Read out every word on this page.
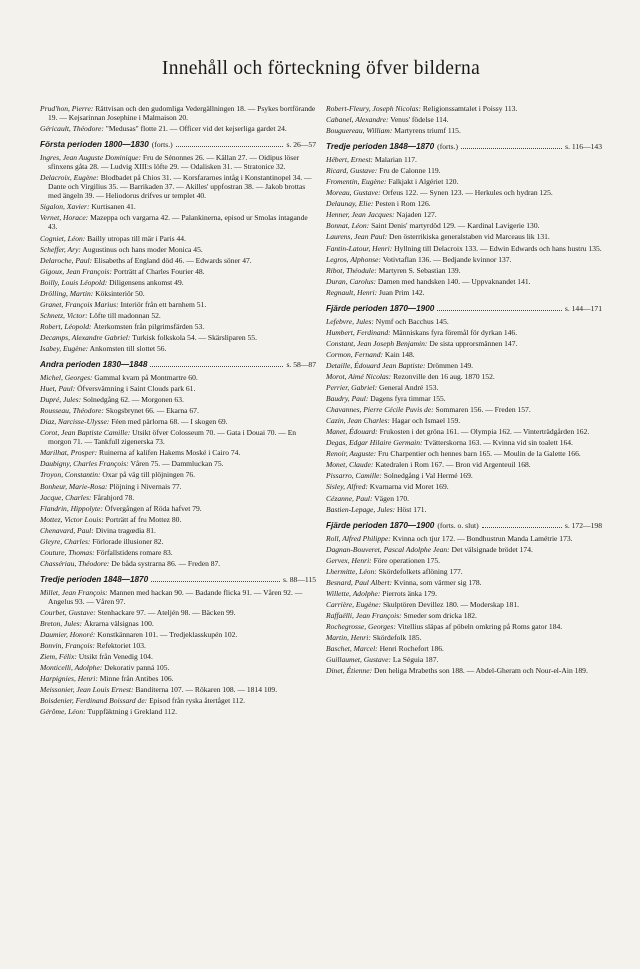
Innehåll och förteckning öfver bilderna
Prud'hon, Pierre: Rättvisan och den gudomliga Vedergällningen 18. — Psykes bortförande 19. — Kejsarinnan Josephine i Malmaison 20.
Géricault, Théodore: "Medusas" flotte 21. — Officer vid det kejserliga gardet 24.
Första perioden 1800—1830 (forts.)	s. 26—57
Ingres, Jean Auguste Dominique: Fru de Sénonnes 26. — Källan 27. — Oidipus löser sfinxens gåta 28. — Ludvig XIII:s löfte 29. — Odalisken 31. — Stratonice 32.
Delacroix, Eugène: Blodbadet på Chios 31. — Korsfararnes intåg i Konstantinopel 34. — Dante och Virgilius 35. — Barrikaden 37. — Akilles' uppfostran 38. — Jakob brottas med ängeln 39. — Heliodorus drifves ur templet 40.
Sigalon, Xavier: Kurtisanen 41.
Vernet, Horace: Mazeppa och vargarna 42. — Palankinerna, episod ur Smolas intagande 43.
Cogniet, Léon: Bailly utropas till mär i Paris 44.
Scheffer, Ary: Augustinus och hans moder Monica 45.
Delaroche, Paul: Elisabeths af England död 46. — Edwards söner 47.
Gigoux, Jean François: Porträtt af Charles Fourier 48.
Boilly, Louis Léopold: Diligensens ankomst 49.
Drölling, Martin: Köksinteriör 50.
Granet, François Marius: Interiör från ett barnhem 51.
Schnetz, Victor: Löfte till madonnan 52.
Robert, Léopold: Återkomsten från pilgrimsfärden 53.
Decamps, Alexandre Gabriel: Turkisk folkskola 54. — Skärsliparen 55.
Isabey, Eugène: Ankomsten till slottet 56.
Andra perioden 1830—1848	s. 58—87
Michel, Georges: Gammal kvarn på Montmartre 60.
Huet, Paul: Öfversvämning i Saint Clouds park 61.
Dupré, Jules: Solnedgång 62. — Morgonen 63.
Rousseau, Théodore: Skogsbrynet 66. — Ekarna 67.
Diaz, Narcisse-Ulysse: Féen med pärlorna 68. — I skogen 69.
Corot, Jean Baptiste Camille: Utsikt öfver Colosseum 70. — Gata i Douai 70. — En morgon 71. — Tankfull zigenerska 73.
Marilhat, Prosper: Ruinerna af kalifen Hakems Moské i Cairo 74.
Daubigny, Charles François: Våren 75. — Dammluckan 75.
Troyon, Constantin: Oxar på väg till plöjningen 76.
Bonheur, Marie-Rosa: Plöjning i Nivernais 77.
Jacque, Charles: Fårahjord 78.
Flandrin, Hippolyte: Öfvergången af Röda hafvet 79.
Mottez, Victor Louis: Porträtt af fru Mottez 80.
Chenavard, Paul: Divina tragœdia 81.
Gleyre, Charles: Förlorade illusioner 82.
Couture, Thomas: Förfallstidens romare 83.
Chassériau, Théodore: De båda systrarna 86. — Freden 87.
Tredje perioden 1848—1870	s. 88—115
Millet, Jean François: Mannen med hackan 90. — Badande flicka 91. — Våren 92. — Angelus 93. — Våren 97.
Courbet, Gustave: Stenhackare 97. — Ateljén 98. — Bäcken 99.
Breton, Jules: Åkrarna välsignas 100.
Daumier, Honoré: Konstkännaren 101. — Tredjeklasskupén 102.
Bonvin, François: Refektoriet 103.
Ziem, Félix: Utsikt från Venedig 104.
Monticelli, Adolphe: Dekorativ panná 105.
Harpignies, Henri: Minne från Antibes 106.
Meissonier, Jean Louis Ernest: Banditerna 107. — Rökaren 108. — 1814 109.
Boisdenier, Ferdinand Boissard de: Episod från ryska återtåget 112.
Gérôme, Léon: Tuppfäktning i Grekland 112.
Robert-Fleury, Joseph Nicolas: Religionssamtalet i Poissy 113.
Cabanel, Alexandre: Venus' födelse 114.
Bouguereau, William: Martyrens triumf 115.
Tredje perioden 1848—1870 (forts.)	s. 116—143
Hébert, Ernest: Malarian 117.
Ricard, Gustave: Fru de Calonne 119.
Fromentin, Eugène: Falkjakt i Algériet 120.
Moreau, Gustave: Orfeus 122. — Synen 123. — Herkules och hydran 125.
Delaunay, Elie: Pesten i Rom 126.
Henner, Jean Jacques: Najaden 127.
Bonnat, Léon: Saint Denis' martyrdöd 129. — Kardinal Lavigerie 130.
Laurens, Jean Paul: Den österrikiska generalstaben vid Marceaus lik 131.
Fantin-Latour, Henri: Hyllning till Delacroix 133. — Edwin Edwards och hans hustru 135.
Legros, Alphonse: Votivtaflan 136. — Bedjande kvinnor 137.
Ribot, Théodule: Martyren S. Sebastian 139.
Duran, Carolus: Damen med handsken 140. — Uppvaknandet 141.
Regnault, Henri: Juan Prim 142.
Fjärde perioden 1870—1900	s. 144—171
Lefebvre, Jules: Nymf och Bacchus 145.
Humbert, Ferdinand: Människans fyra föremål för dyrkan 146.
Constant, Jean Joseph Benjamin: De sista upprorsmännen 147.
Cormon, Fernand: Kain 148.
Detaille, Édouard Jean Baptiste: Drömmen 149.
Morot, Aimé Nicolas: Rezonville den 16 aug. 1870 152.
Perrier, Gabriel: General André 153.
Baudry, Paul: Dagens fyra timmar 155.
Chavannes, Pierre Cécile Puvis de: Sommaren 156. — Freden 157.
Cazin, Jean Charles: Hagar och Ismael 159.
Manet, Édouard: Frukosten i det gröna 161. — Olympia 162. — Vinterträdgården 162.
Degas, Edgar Hilaire Germain: Tvätterskorna 163. — Kvinna vid sin toalett 164.
Renoir, Auguste: Fru Charpentier och hennes barn 165. — Moulin de la Galette 166.
Monet, Claude: Katedralen i Rom 167. — Bron vid Argenteuil 168.
Pissarro, Camille: Solnedgång i Val Hermé 169.
Sisley, Alfred: Kvarnarna vid Moret 169.
Cézanne, Paul: Vägen 170.
Bastien-Lepage, Jules: Höst 171.
Fjärde perioden 1870—1900 (forts. o. slut)	s. 172—198
Roll, Alfred Philippe: Kvinna och tjur 172. — Bondhustrun Manda Lamétrie 173.
Dagnan-Bouveret, Pascal Adolphe Jean: Det välsignade brödet 174.
Gervex, Henri: Före operationen 175.
Lhermitte, Léon: Skördefolkets aflöning 177.
Besnard, Paul Albert: Kvinna, som värmer sig 178.
Willette, Adolphe: Pierrots änka 179.
Carrière, Eugène: Skulptören Devillez 180. — Moderskap 181.
Raffaëlli, Jean François: Smeder som dricka 182.
Rochegrosse, Georges: Vitellius släpas af pöbeln omkring på Roms gator 184.
Martin, Henri: Skördefolk 185.
Baschet, Marcel: Henri Rochefort 186.
Guillaumet, Gustave: La Séguia 187.
Dinet, Étienne: Den heliga Mrabeths son 188. — Abdel-Gheram och Nour-el-Ain 189.
